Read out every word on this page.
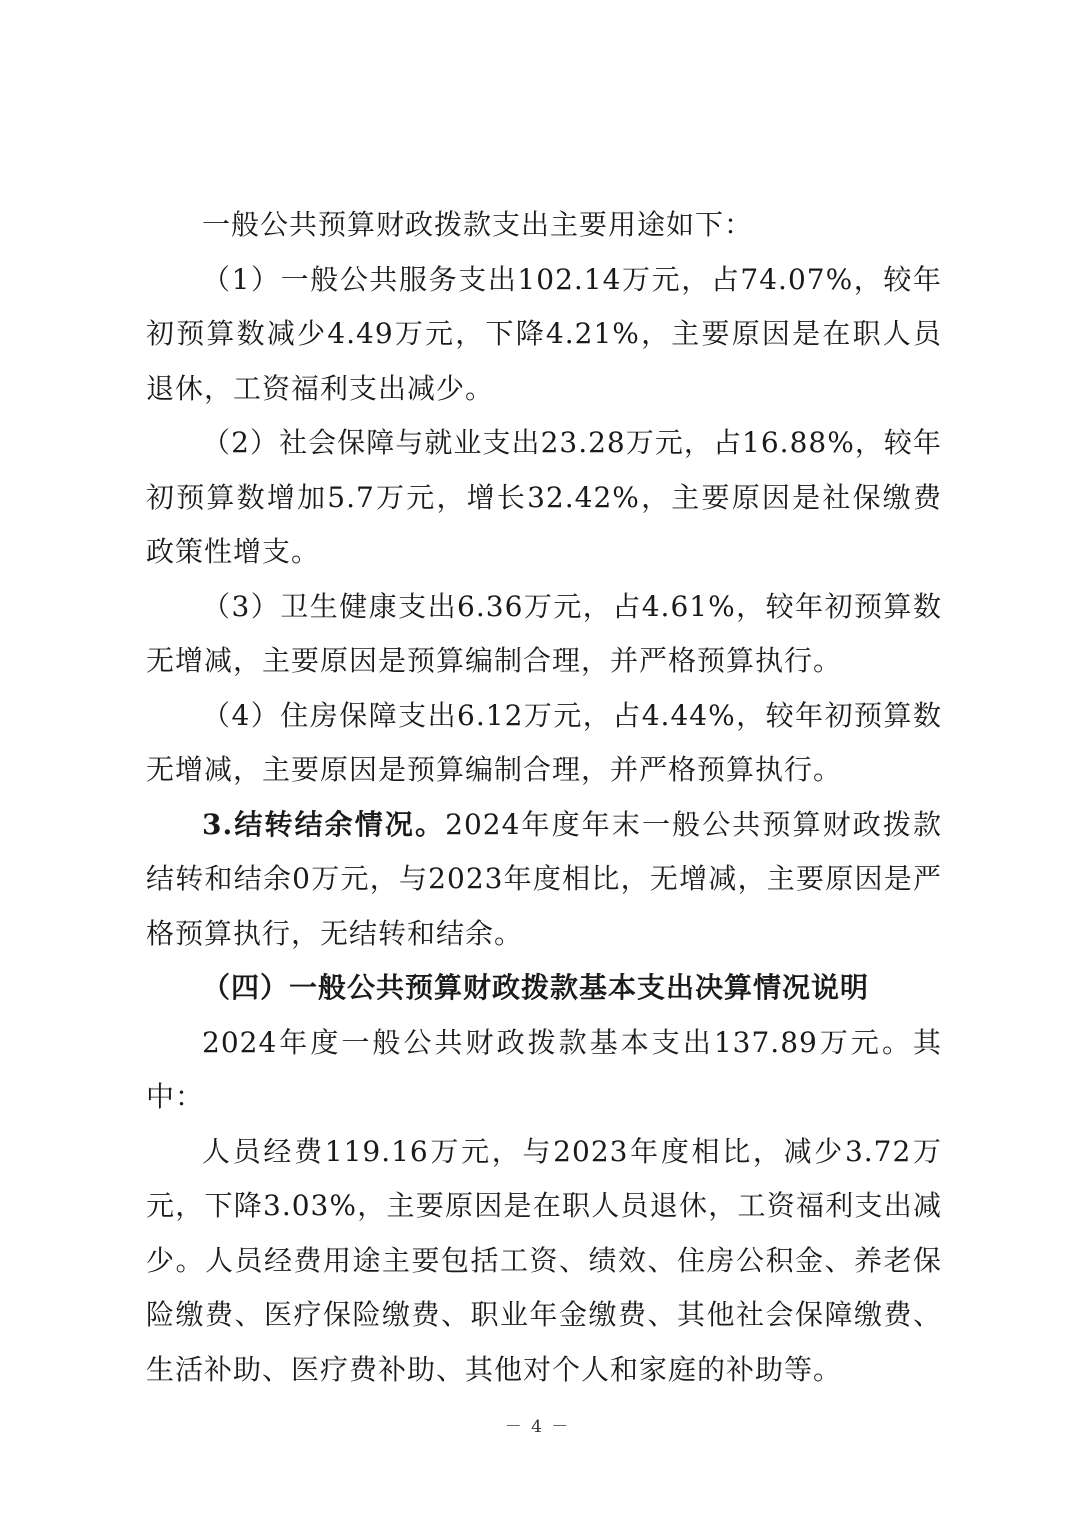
一般公共预算财政拨款支出主要用途如下：

（1）一般公共服务支出102.14万元，占74.07%，较年初预算数减少4.49万元，下降4.21%，主要原因是在职人员退休，工资福利支出减少。

（2）社会保障与就业支出23.28万元，占16.88%，较年初预算数增加5.7万元，增长32.42%，主要原因是社保缴费政策性增支。

（3）卫生健康支出6.36万元，占4.61%，较年初预算数无增减，主要原因是预算编制合理，并严格预算执行。

（4）住房保障支出6.12万元，占4.44%，较年初预算数无增减，主要原因是预算编制合理，并严格预算执行。

3.结转结余情况。2024年度年末一般公共预算财政拨款结转和结余0万元，与2023年度相比，无增减，主要原因是严格预算执行，无结转和结余。

（四）一般公共预算财政拨款基本支出决算情况说明

2024年度一般公共财政拨款基本支出137.89万元。其中：

人员经费119.16万元，与2023年度相比，减少3.72万元，下降3.03%，主要原因是在职人员退休，工资福利支出减少。人员经费用途主要包括工资、绩效、住房公积金、养老保险缴费、医疗保险缴费、职业年金缴费、其他社会保障缴费、生活补助、医疗费补助、其他对个人和家庭的补助等。

－ 4 －
